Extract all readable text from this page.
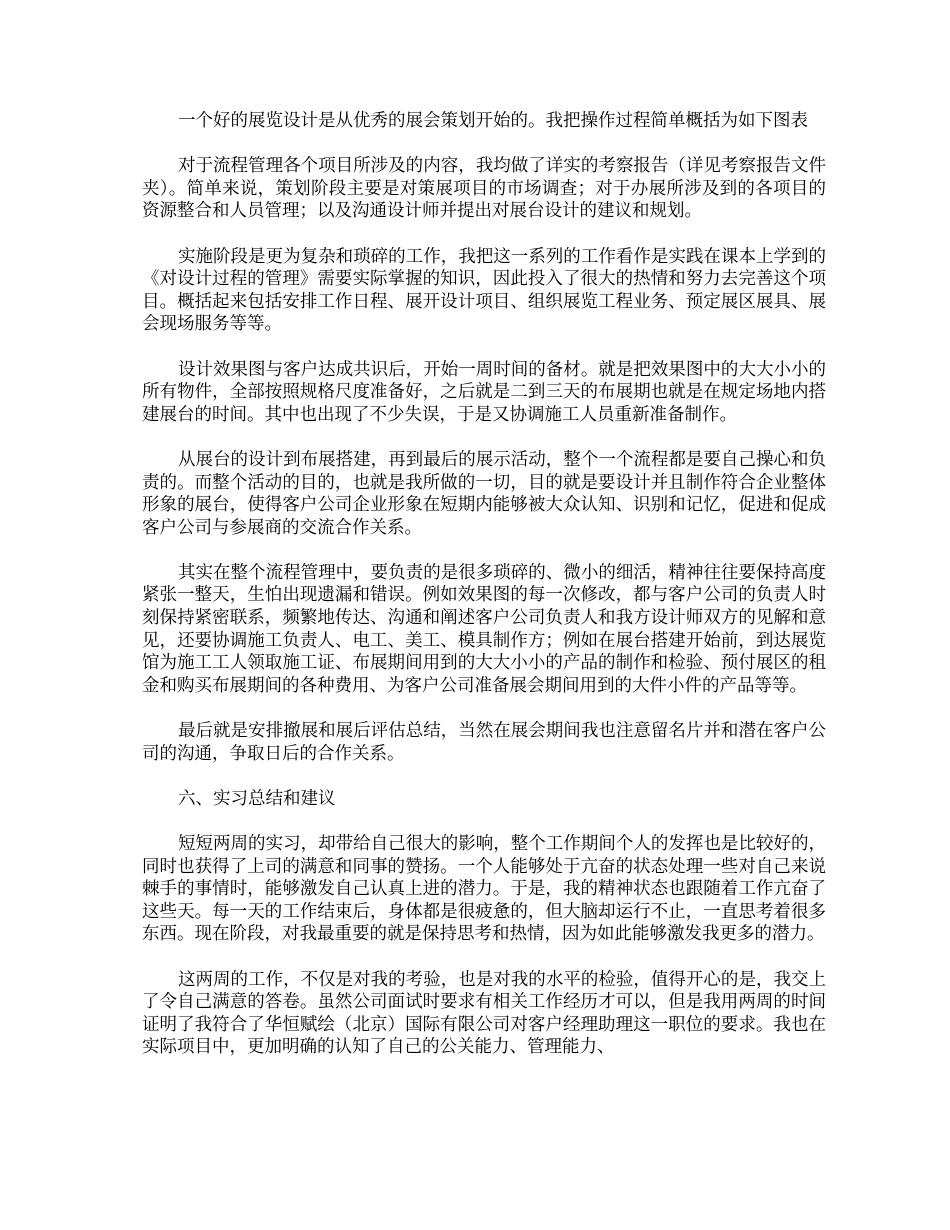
一个好的展览设计是从优秀的展会策划开始的。我把操作过程简单概括为如下图表

对于流程管理各个项目所涉及的内容，我均做了详实的考察报告（详见考察报告文件夹）。简单来说，策划阶段主要是对策展项目的市场调查；对于办展所涉及到的各项目的资源整合和人员管理；以及沟通设计师并提出对展台设计的建议和规划。

实施阶段是更为复杂和琐碎的工作，我把这一系列的工作看作是实践在课本上学到的《对设计过程的管理》需要实际掌握的知识，因此投入了很大的热情和努力去完善这个项目。概括起来包括安排工作日程、展开设计项目、组织展览工程业务、预定展区展具、展会现场服务等等。

设计效果图与客户达成共识后，开始一周时间的备材。就是把效果图中的大大小小的所有物件，全部按照规格尺度准备好，之后就是二到三天的布展期也就是在规定场地内搭建展台的时间。其中也出现了不少失误，于是又协调施工人员重新准备制作。

从展台的设计到布展搭建，再到最后的展示活动，整个一个流程都是要自己操心和负责的。而整个活动的目的，也就是我所做的一切，目的就是要设计并且制作符合企业整体形象的展台，使得客户公司企业形象在短期内能够被大众认知、识别和记忆，促进和促成客户公司与参展商的交流合作关系。

其实在整个流程管理中，要负责的是很多琐碎的、微小的细活，精神往往要保持高度紧张一整天，生怕出现遗漏和错误。例如效果图的每一次修改，都与客户公司的负责人时刻保持紧密联系，频繁地传达、沟通和阐述客户公司负责人和我方设计师双方的见解和意见，还要协调施工负责人、电工、美工、模具制作方；例如在展台搭建开始前，到达展览馆为施工工人领取施工证、布展期间用到的大大小小的产品的制作和检验、预付展区的租金和购买布展期间的各种费用、为客户公司准备展会期间用到的大件小件的产品等等。

最后就是安排撤展和展后评估总结，当然在展会期间我也注意留名片并和潜在客户公司的沟通，争取日后的合作关系。

六、实习总结和建议

短短两周的实习，却带给自己很大的影响，整个工作期间个人的发挥也是比较好的，同时也获得了上司的满意和同事的赞扬。一个人能够处于亢奋的状态处理一些对自己来说棘手的事情时，能够激发自己认真上进的潜力。于是，我的精神状态也跟随着工作亢奋了这些天。每一天的工作结束后，身体都是很疲惫的，但大脑却运行不止，一直思考着很多东西。现在阶段，对我最重要的就是保持思考和热情，因为如此能够激发我更多的潜力。

这两周的工作，不仅是对我的考验，也是对我的水平的检验，值得开心的是，我交上了令自己满意的答卷。虽然公司面试时要求有相关工作经历才可以，但是我用两周的时间证明了我符合了华恒赋绘（北京）国际有限公司对客户经理助理这一职位的要求。我也在实际项目中，更加明确的认知了自己的公关能力、管理能力、
